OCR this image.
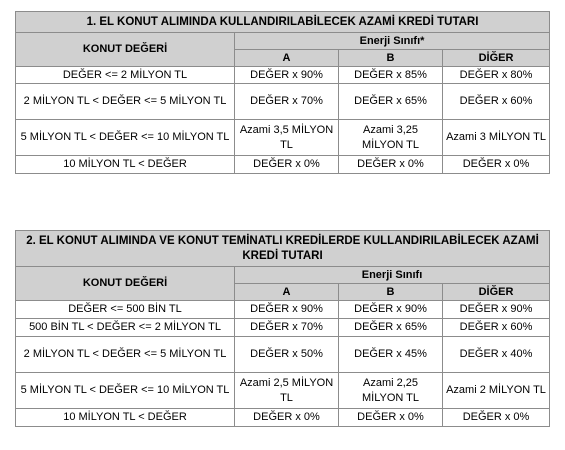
1. EL KONUT ALIMINDA KULLANDIRILABİLECEK AZAMİ KREDİ TUTARI			
KONUT DEĞERİ	Enerji Sınıfı*		
	A	B	DİĞER
DEĞER <= 2 MİLYON TL	DEĞER x 90%	DEĞER x 85%	DEĞER x 80%
2 MİLYON TL < DEĞER <= 5 MİLYON TL	DEĞER x 70%	DEĞER x 65%	DEĞER x 60%
5 MİLYON TL < DEĞER <= 10 MİLYON TL	Azami 3,5 MİLYON TL	Azami 3,25 MİLYON TL	Azami 3 MİLYON TL
10 MİLYON TL < DEĞER	DEĞER x 0%	DEĞER x 0%	DEĞER x 0%
2. EL KONUT ALIMINDA VE KONUT TEMİNATLI KREDİLERDE KULLANDIRILABİLECEK AZAMİ KREDİ TUTARI			
KONUT DEĞERİ	Enerji Sınıfı		
	A	B	DİĞER
DEĞER <= 500 BİN TL	DEĞER x 90%	DEĞER x 90%	DEĞER x 90%
500 BİN TL < DEĞER <= 2 MİLYON TL	DEĞER x 70%	DEĞER x 65%	DEĞER x 60%
2 MİLYON TL < DEĞER <= 5 MİLYON TL	DEĞER x 50%	DEĞER x 45%	DEĞER x 40%
5 MİLYON TL < DEĞER <= 10 MİLYON TL	Azami 2,5 MİLYON TL	Azami 2,25 MİLYON TL	Azami 2 MİLYON TL
10 MİLYON TL < DEĞER	DEĞER x 0%	DEĞER x 0%	DEĞER x 0%
